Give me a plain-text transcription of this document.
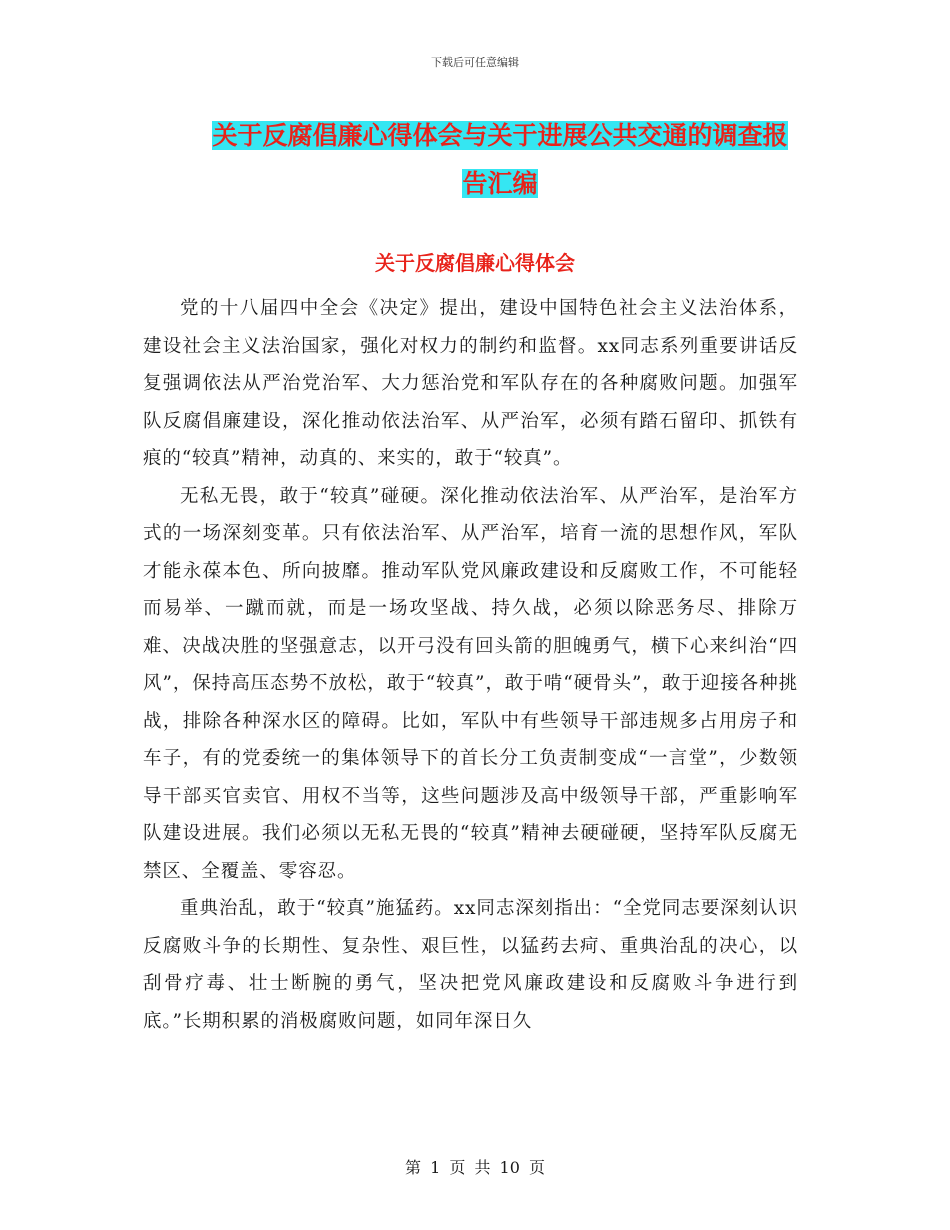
下载后可任意编辑
关于反腐倡廉心得体会与关于进展公共交通的调查报
告汇编
关于反腐倡廉心得体会

党的十八届四中全会《决定》提出，建设中国特色社会主义法治体系，建设社会主义法治国家，强化对权力的制约和监督。xx同志系列重要讲话反复强调依法从严治党治军、大力惩治党和军队存在的各种腐败问题。加强军队反腐倡廉建设，深化推动依法治军、从严治军，必须有踏石留印、抓铁有痕的“较真”精神，动真的、来实的，敢于“较真”。

无私无畏，敢于“较真”碰硬。深化推动依法治军、从严治军，是治军方式的一场深刻变革。只有依法治军、从严治军，培育一流的思想作风，军队才能永葆本色、所向披靡。推动军队党风廉政建设和反腐败工作，不可能轻而易举、一蹴而就，而是一场攻坚战、持久战，必须以除恶务尽、排除万难、决战决胜的坚强意志，以开弓没有回头箭的胆魄勇气，横下心来纠治“四风”，保持高压态势不放松，敢于“较真”，敢于啃“硬骨头”，敢于迎接各种挑战，排除各种深水区的障碍。比如，军队中有些领导干部违规多占用房子和车子，有的党委统一的集体领导下的首长分工负责制变成“一言堂”，少数领导干部买官卖官、用权不当等，这些问题涉及高中级领导干部，严重影响军队建设进展。我们必须以无私无畏的“较真”精神去硬碰硬，坚持军队反腐无禁区、全覆盖、零容忍。

重典治乱，敢于“较真”施猛药。xx同志深刻指出：“全党同志要深刻认识反腐败斗争的长期性、复杂性、艰巨性，以猛药去疴、重典治乱的决心，以刮骨疗毒、壮士断腕的勇气，坚决把党风廉政建设和反腐败斗争进行到底。”长期积累的消极腐败问题，如同年深日久

第 1 页 共 10 页
